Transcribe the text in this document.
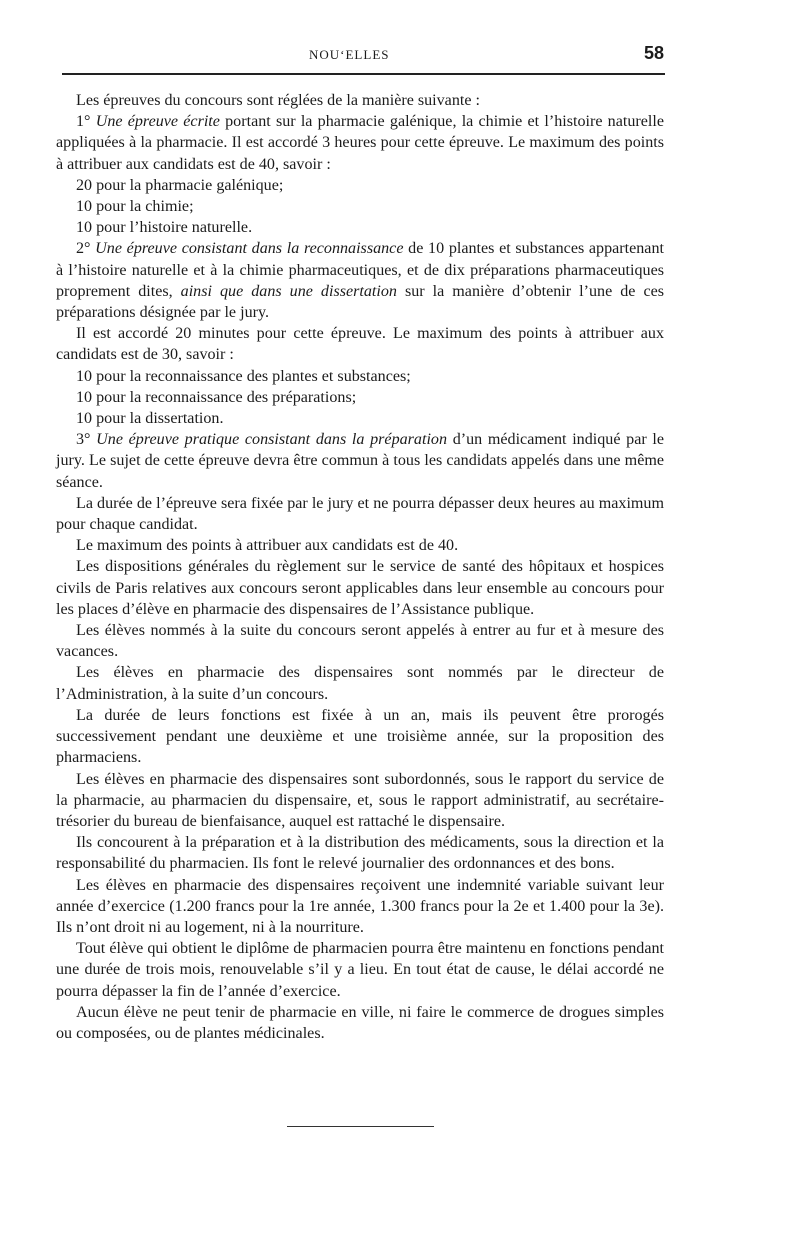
NOU‘ELLES	58

Les épreuves du concours sont réglées de la manière suivante :

1° Une épreuve écrite portant sur la pharmacie galénique, la chimie et l’histoire naturelle appliquées à la pharmacie. Il est accordé 3 heures pour cette épreuve. Le maximum des points à attribuer aux candidats est de 40, savoir :

20 pour la pharmacie galénique;

10 pour la chimie;

10 pour l’histoire naturelle.

2° Une épreuve consistant dans la reconnaissance de 10 plantes et substances appartenant à l’histoire naturelle et à la chimie pharmaceutiques, et de dix préparations pharmaceutiques proprement dites, ainsi que dans une dissertation sur la manière d’obtenir l’une de ces préparations désignée par le jury.

Il est accordé 20 minutes pour cette épreuve. Le maximum des points à attribuer aux candidats est de 30, savoir :

10 pour la reconnaissance des plantes et substances;

10 pour la reconnaissance des préparations;

10 pour la dissertation.

3° Une épreuve pratique consistant dans la préparation d’un médicament indiqué par le jury. Le sujet de cette épreuve devra être commun à tous les candidats appelés dans une même séance.

La durée de l’épreuve sera fixée par le jury et ne pourra dépasser deux heures au maximum pour chaque candidat.

Le maximum des points à attribuer aux candidats est de 40.

Les dispositions générales du règlement sur le service de santé des hôpitaux et hospices civils de Paris relatives aux concours seront applicables dans leur ensemble au concours pour les places d’élève en pharmacie des dispensaires de l’Assistance publique.

Les élèves nommés à la suite du concours seront appelés à entrer au fur et à mesure des vacances.

Les élèves en pharmacie des dispensaires sont nommés par le directeur de l’Administration, à la suite d’un concours.

La durée de leurs fonctions est fixée à un an, mais ils peuvent être prorogés successivement pendant une deuxième et une troisième année, sur la proposition des pharmaciens.

Les élèves en pharmacie des dispensaires sont subordonnés, sous le rapport du service de la pharmacie, au pharmacien du dispensaire, et, sous le rapport administratif, au secrétaire-trésorier du bureau de bienfaisance, auquel est rattaché le dispensaire.

Ils concourent à la préparation et à la distribution des médicaments, sous la direction et la responsabilité du pharmacien. Ils font le relevé journalier des ordonnances et des bons.

Les élèves en pharmacie des dispensaires reçoivent une indemnité variable suivant leur année d’exercice (1.200 francs pour la 1re année, 1.300 francs pour la 2e et 1.400 pour la 3e). Ils n’ont droit ni au logement, ni à la nourriture.

Tout élève qui obtient le diplôme de pharmacien pourra être maintenu en fonctions pendant une durée de trois mois, renouvelable s’il y a lieu. En tout état de cause, le délai accordé ne pourra dépasser la fin de l’année d’exercice.

Aucun élève ne peut tenir de pharmacie en ville, ni faire le commerce de drogues simples ou composées, ou de plantes médicinales.
